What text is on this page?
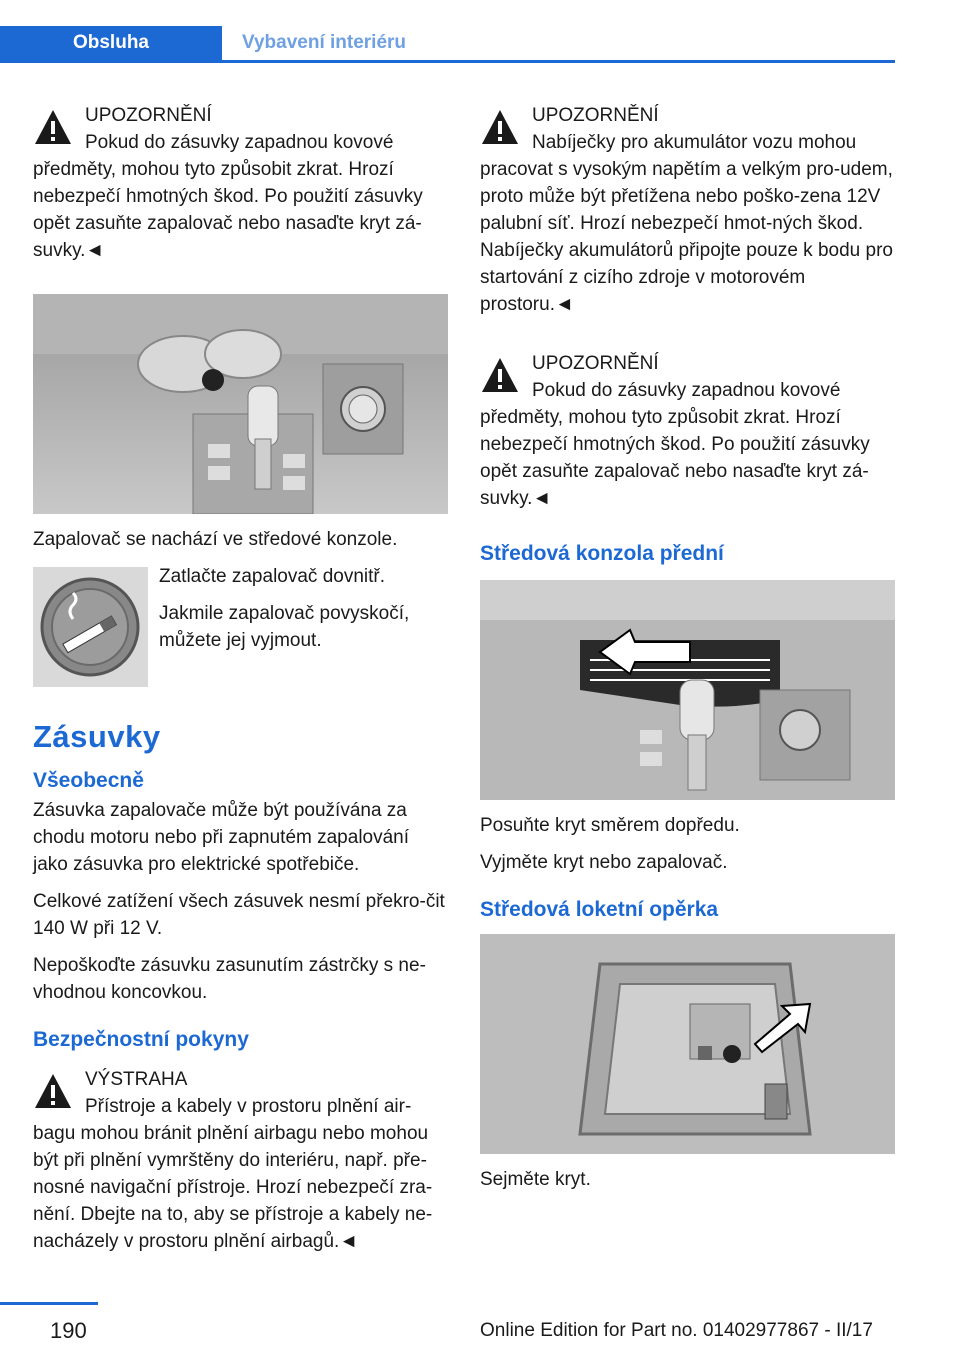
Obsluha	Vybavení interiéru
UPOZORNĚNÍ
Pokud do zásuvky zapadnou kovové

předměty, mohou tyto způsobit zkrat. Hrozí nebezpečí hmotných škod. Po použití zásuvky opět zasuňte zapalovač nebo nasaďte kryt zá-suvky.◄

Zapalovač se nachází ve středové konzole.

Zatlačte zapalovač dovnitř.

Jakmile zapalovač povyskočí, můžete jej vyjmout.

Zásuvky
Všeobecně

Zásuvka zapalovače může být používána za chodu motoru nebo při zapnutém zapalování jako zásuvka pro elektrické spotřebiče.

Celkové zatížení všech zásuvek nesmí překro-čit 140 W při 12 V.

Nepoškoďte zásuvku zasunutím zástrčky s ne-vhodnou koncovkou.

Bezpečnostní pokyny
VÝSTRAHA
Přístroje a kabely v prostoru plnění air-

bagu mohou bránit plnění airbagu nebo mohou být při plnění vymrštěny do interiéru, např. pře-nosné navigační přístroje. Hrozí nebezpečí zra-nění. Dbejte na to, aby se přístroje a kabely ne-nacházely v prostoru plnění airbagů.◄

UPOZORNĚNÍ
Nabíječky pro akumulátor vozu mohou

pracovat s vysokým napětím a velkým pro-udem, proto může být přetížena nebo poško-zena 12V palubní síť. Hrozí nebezpečí hmot-ných škod. Nabíječky akumulátorů připojte pouze k bodu pro startování z cizího zdroje v motorovém prostoru.◄

UPOZORNĚNÍ
Pokud do zásuvky zapadnou kovové

předměty, mohou tyto způsobit zkrat. Hrozí nebezpečí hmotných škod. Po použití zásuvky opět zasuňte zapalovač nebo nasaďte kryt zá-suvky.◄

Středová konzola přední

Posuňte kryt směrem dopředu.

Vyjměte kryt nebo zapalovač.

Středová loketní opěrka

Sejměte kryt.

190	Online Edition for Part no. 01402977867 - II/17
